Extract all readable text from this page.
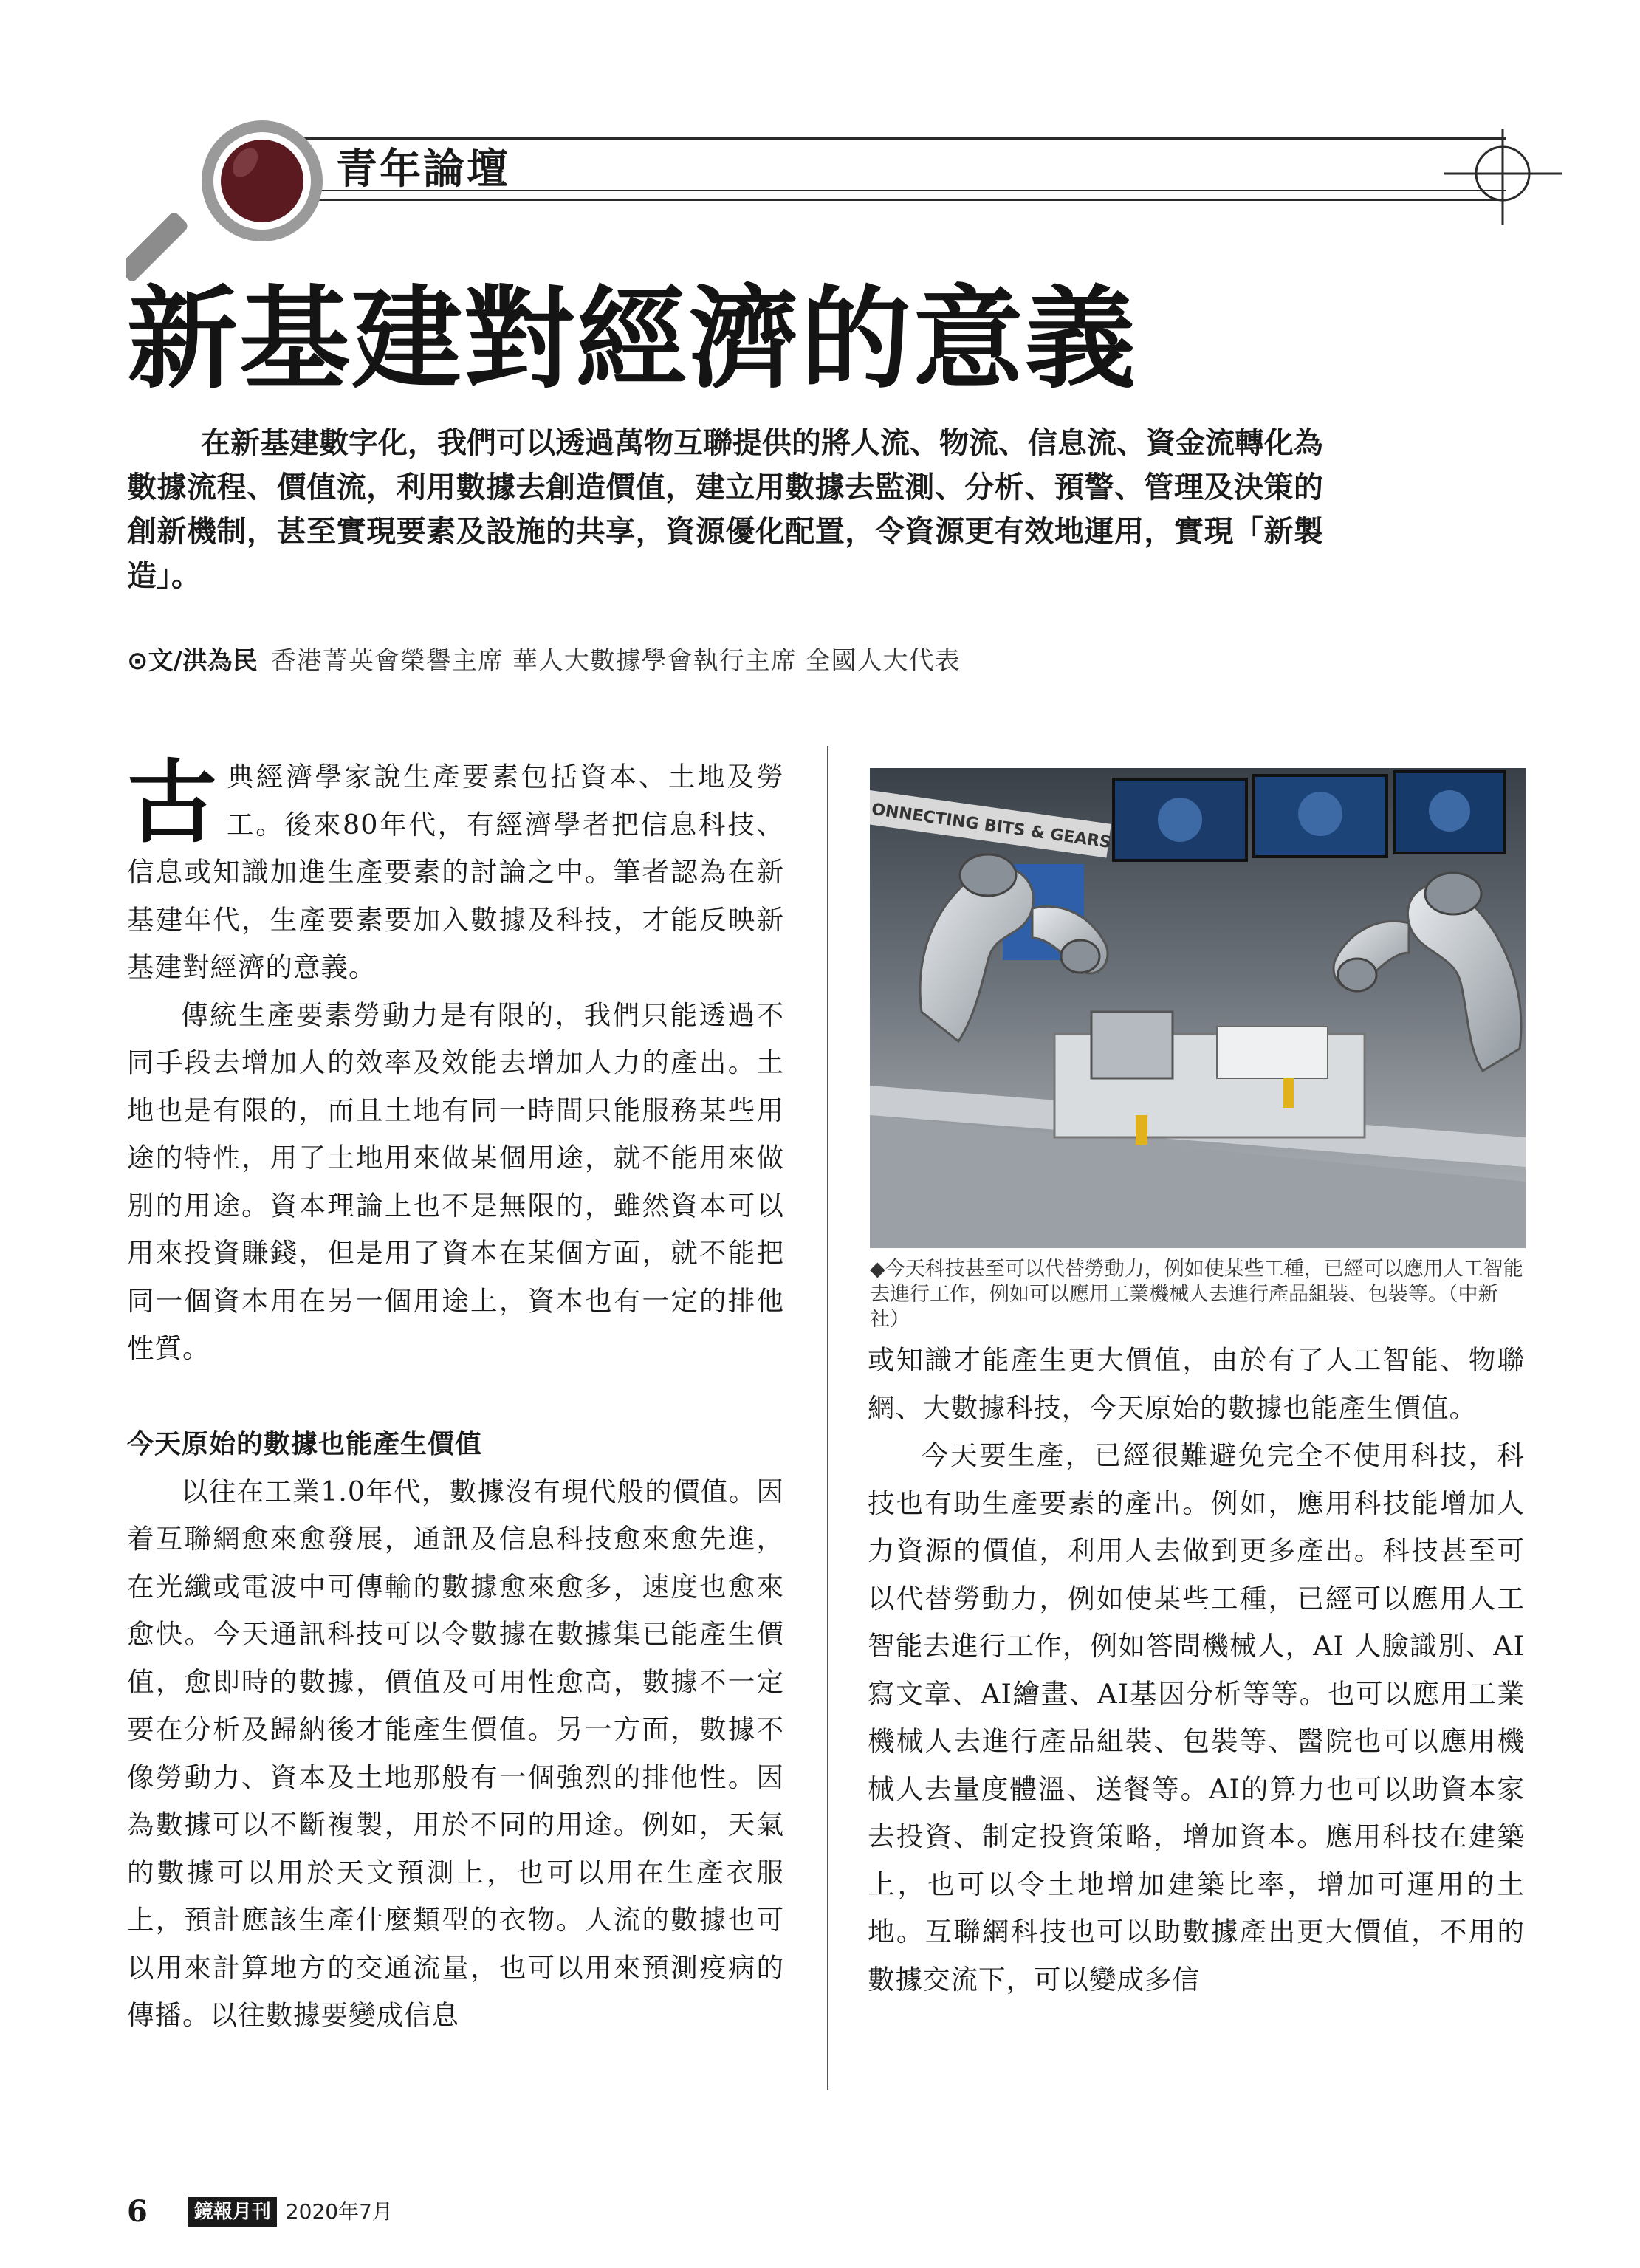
青年論壇
新基建對經濟的意義
在新基建數字化，我們可以透過萬物互聯提供的將人流、物流、信息流、資金流轉化為數據流程、價值流，利用數據去創造價值，建立用數據去監測、分析、預警、管理及決策的創新機制，甚至實現要素及設施的共享，資源優化配置，令資源更有效地運用，實現「新製造」。
⊙文/洪為民 香港菁英會榮譽主席 華人大數據學會執行主席 全國人大代表

古典經濟學家說生產要素包括資本、土地及勞工。後來80年代，有經濟學者把信息科技、信息或知識加進生產要素的討論之中。筆者認為在新基建年代，生產要素要加入數據及科技，才能反映新基建對經濟的意義。

傳統生產要素勞動力是有限的，我們只能透過不同手段去增加人的效率及效能去增加人力的產出。土地也是有限的，而且土地有同一時間只能服務某些用途的特性，用了土地用來做某個用途，就不能用來做別的用途。資本理論上也不是無限的，雖然資本可以用來投資賺錢，但是用了資本在某個方面，就不能把同一個資本用在另一個用途上，資本也有一定的排他性質。

今天原始的數據也能產生價值

以往在工業1.0年代，數據沒有現代般的價值。因着互聯網愈來愈發展，通訊及信息科技愈來愈先進，在光纖或電波中可傳輸的數據愈來愈多，速度也愈來愈快。今天通訊科技可以令數據在數據集已能產生價值，愈即時的數據，價值及可用性愈高，數據不一定要在分析及歸納後才能產生價值。另一方面，數據不像勞動力、資本及土地那般有一個強烈的排他性。因為數據可以不斷複製，用於不同的用途。例如，天氣的數據可以用於天文預測上，也可以用在生產衣服上，預計應該生產什麼類型的衣物。人流的數據也可以用來計算地方的交通流量，也可以用來預測疫病的傳播。以往數據要變成信息

ONNECTING BITS & GEARS
◆今天科技甚至可以代替勞動力，例如使某些工種，已經可以應用人工智能去進行工作，例如可以應用工業機械人去進行產品組裝、包裝等。（中新社）

或知識才能產生更大價值，由於有了人工智能、物聯網、大數據科技，今天原始的數據也能產生價值。

今天要生產，已經很難避免完全不使用科技，科技也有助生產要素的產出。例如，應用科技能增加人力資源的價值，利用人去做到更多產出。科技甚至可以代替勞動力，例如使某些工種，已經可以應用人工智能去進行工作，例如答問機械人，AI 人臉識別、AI寫文章、AI繪畫、AI基因分析等等。也可以應用工業機械人去進行產品組裝、包裝等、醫院也可以應用機械人去量度體溫、送餐等。AI的算力也可以助資本家去投資、制定投資策略，增加資本。應用科技在建築上，也可以令土地增加建築比率，增加可運用的土地。互聯網科技也可以助數據產出更大價值，不用的數據交流下，可以變成多信

6	鏡報月刊 2020年7月
